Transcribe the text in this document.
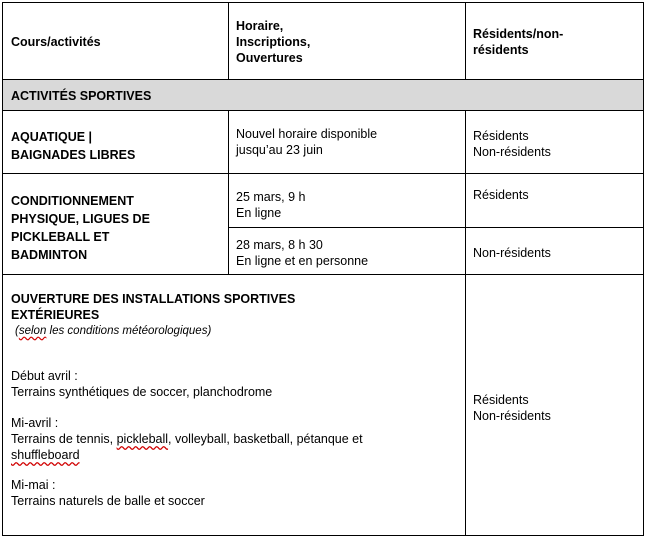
Cours/activités
Horaire,
Inscriptions,
Ouvertures
Résidents/non-
résidents
ACTIVITÉS SPORTIVES
AQUATIQUE |
BAIGNADES LIBRES
Nouvel horaire disponible
jusqu’au 23 juin
Résidents
Non-résidents
CONDITIONNEMENT
PHYSIQUE, LIGUES DE
PICKLEBALL ET
BADMINTON
25 mars, 9 h
En ligne
Résidents
28 mars, 8 h 30
En ligne et en personne
Non-résidents
OUVERTURE DES INSTALLATIONS SPORTIVES
EXTÉRIEURES
(selon les conditions météorologiques)
Début avril :
Terrains synthétiques de soccer, planchodrome
Mi-avril :
Terrains de tennis, pickleball, volleyball, basketball, pétanque et
shuffleboard
Mi-mai :
Terrains naturels de balle et soccer
Résidents
Non-résidents
